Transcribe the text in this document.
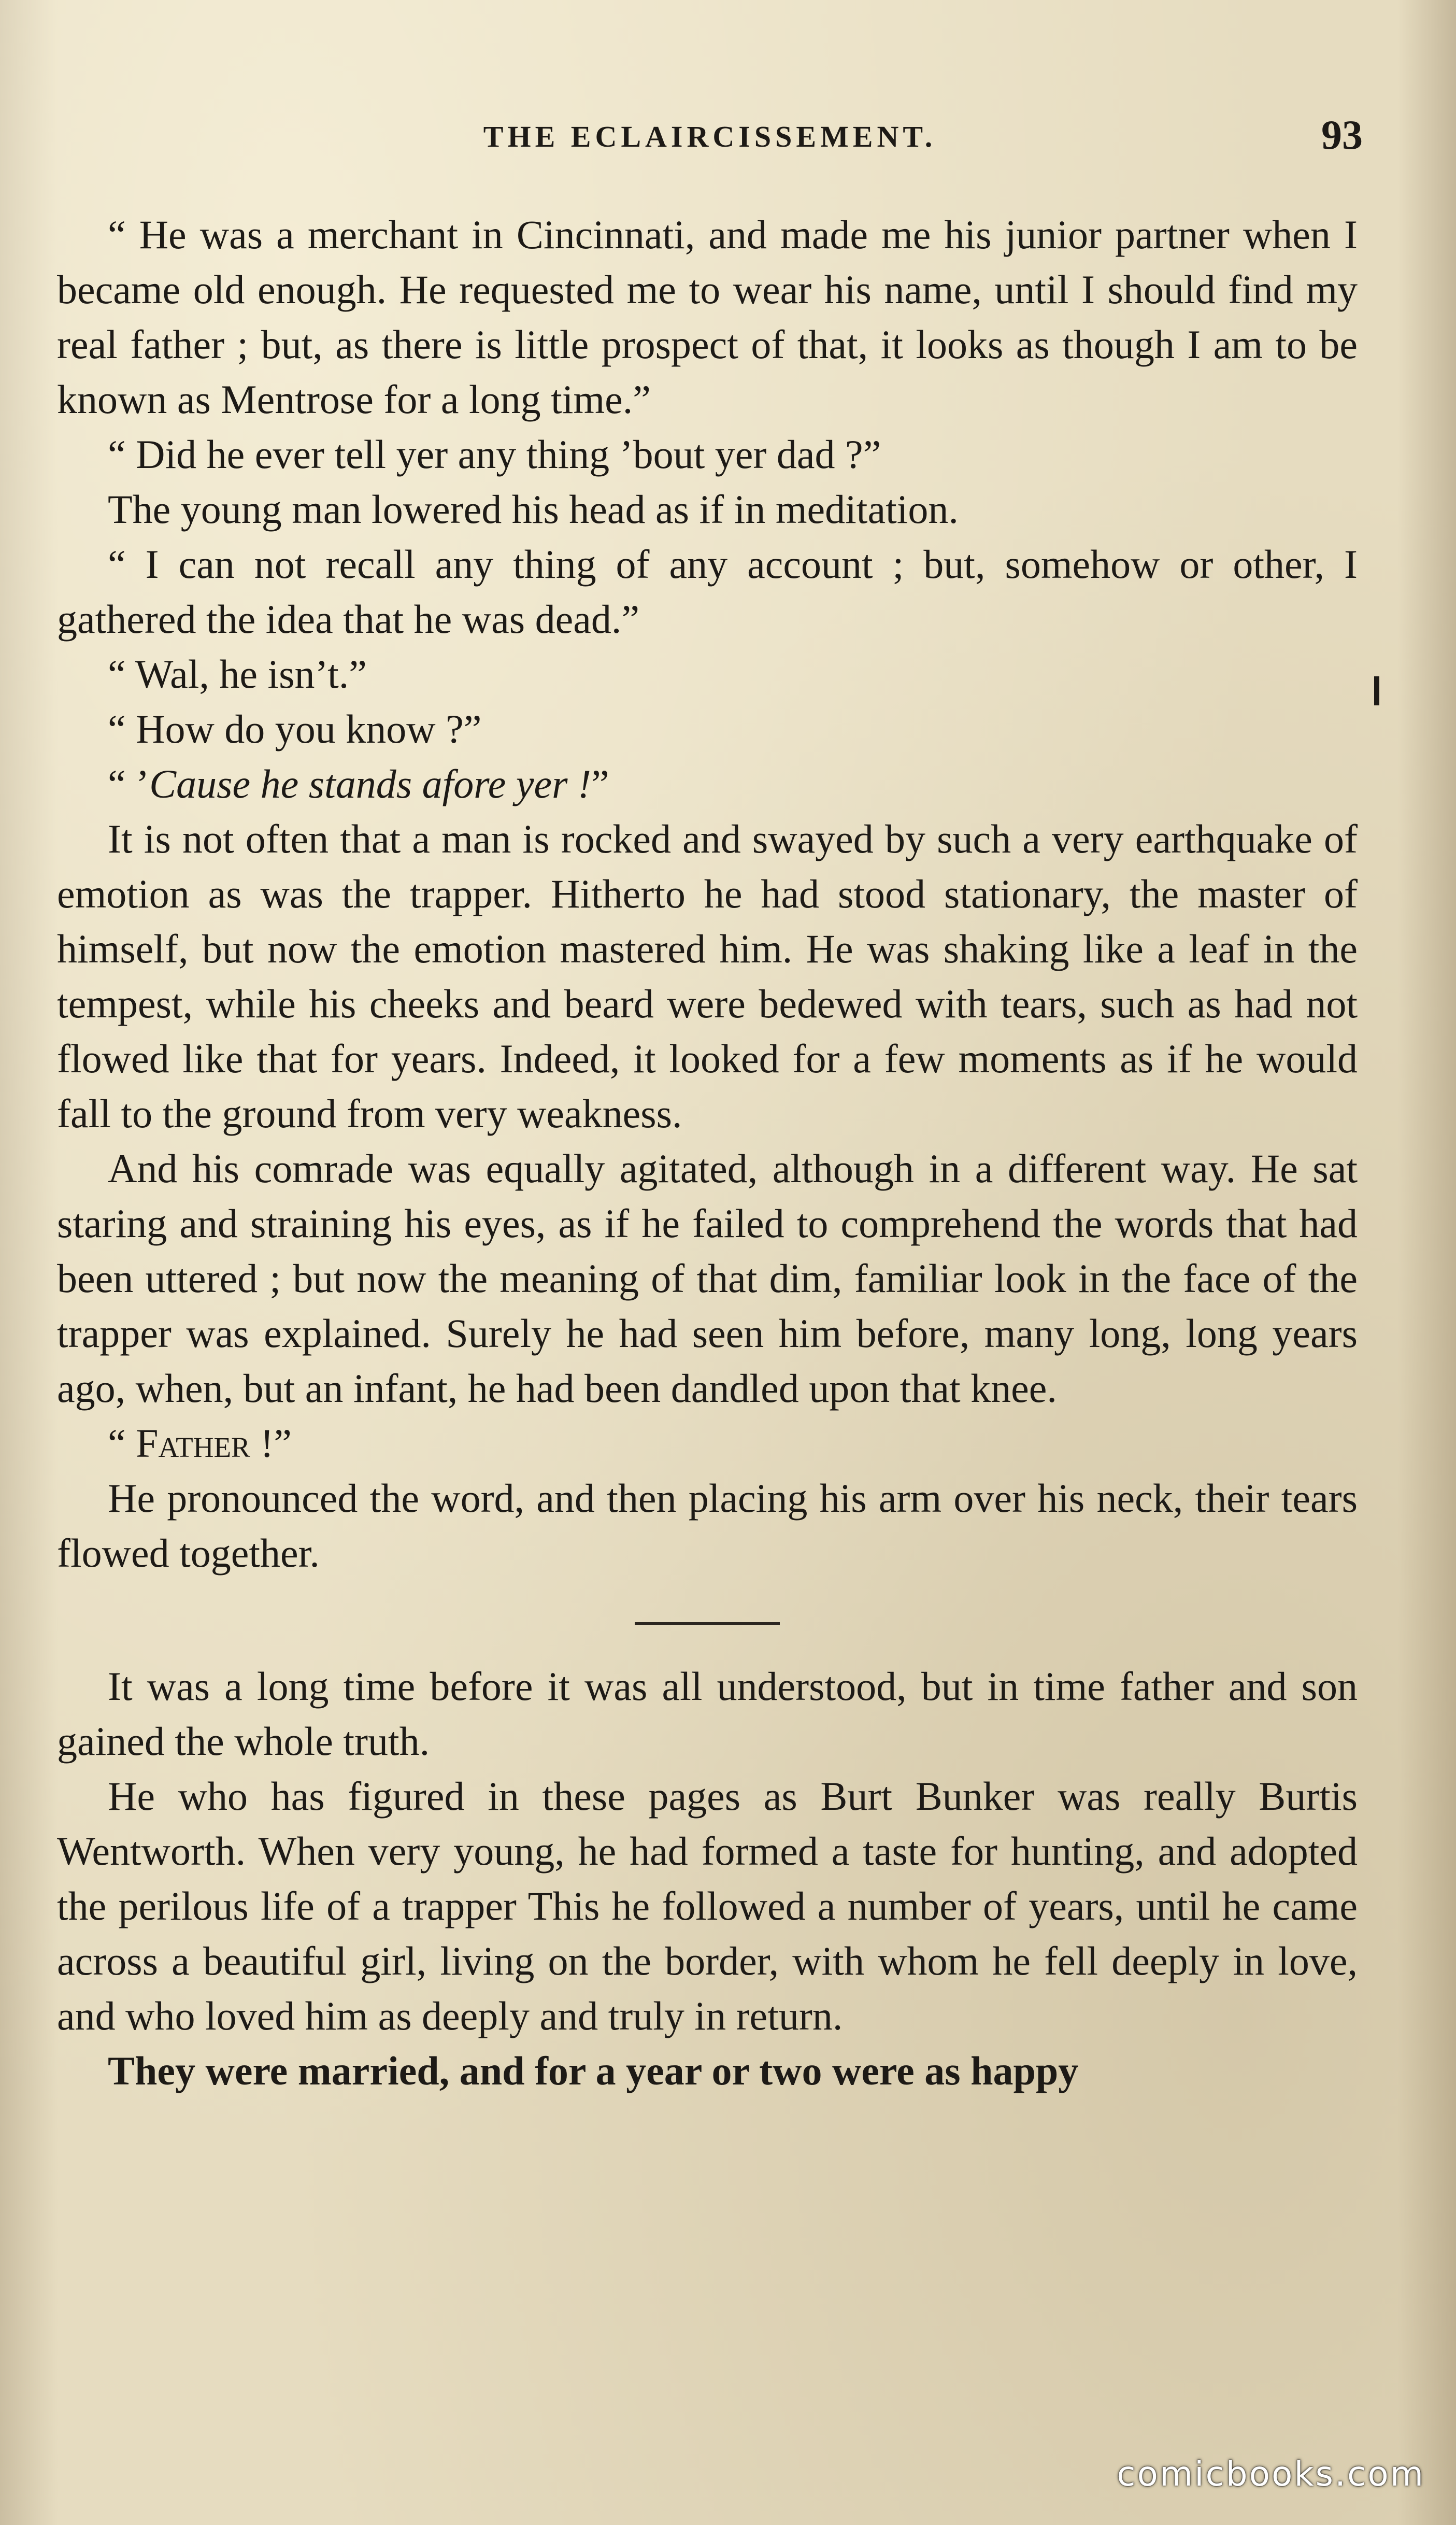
THE ECLAIRCISSEMENT.	93

“ He was a merchant in Cincinnati, and made me his junior partner when I became old enough. He requested me to wear his name, until I should find my real father ; but, as there is little prospect of that, it looks as though I am to be known as Mentrose for a long time.”

“ Did he ever tell yer any thing ’bout yer dad ?”

The young man lowered his head as if in meditation.

“ I can not recall any thing of any account ; but, somehow or other, I gathered the idea that he was dead.”

“ Wal, he isn’t.”

“ How do you know ?”

“ ’Cause he stands afore yer !”

It is not often that a man is rocked and swayed by such a very earthquake of emotion as was the trapper. Hitherto he had stood stationary, the master of himself, but now the emotion mastered him. He was shaking like a leaf in the tempest, while his cheeks and beard were bedewed with tears, such as had not flowed like that for years. Indeed, it looked for a few moments as if he would fall to the ground from very weakness.

And his comrade was equally agitated, although in a different way. He sat staring and straining his eyes, as if he failed to comprehend the words that had been uttered ; but now the meaning of that dim, familiar look in the face of the trapper was explained. Surely he had seen him before, many long, long years ago, when, but an infant, he had been dandled upon that knee.

“ Father !”

He pronounced the word, and then placing his arm over his neck, their tears flowed together.

It was a long time before it was all understood, but in time father and son gained the whole truth.

He who has figured in these pages as Burt Bunker was really Burtis Wentworth. When very young, he had formed a taste for hunting, and adopted the perilous life of a trapper This he followed a number of years, until he came across a beautiful girl, living on the border, with whom he fell deeply in love, and who loved him as deeply and truly in return.

They were married, and for a year or two were as happy

comicbooks.com
